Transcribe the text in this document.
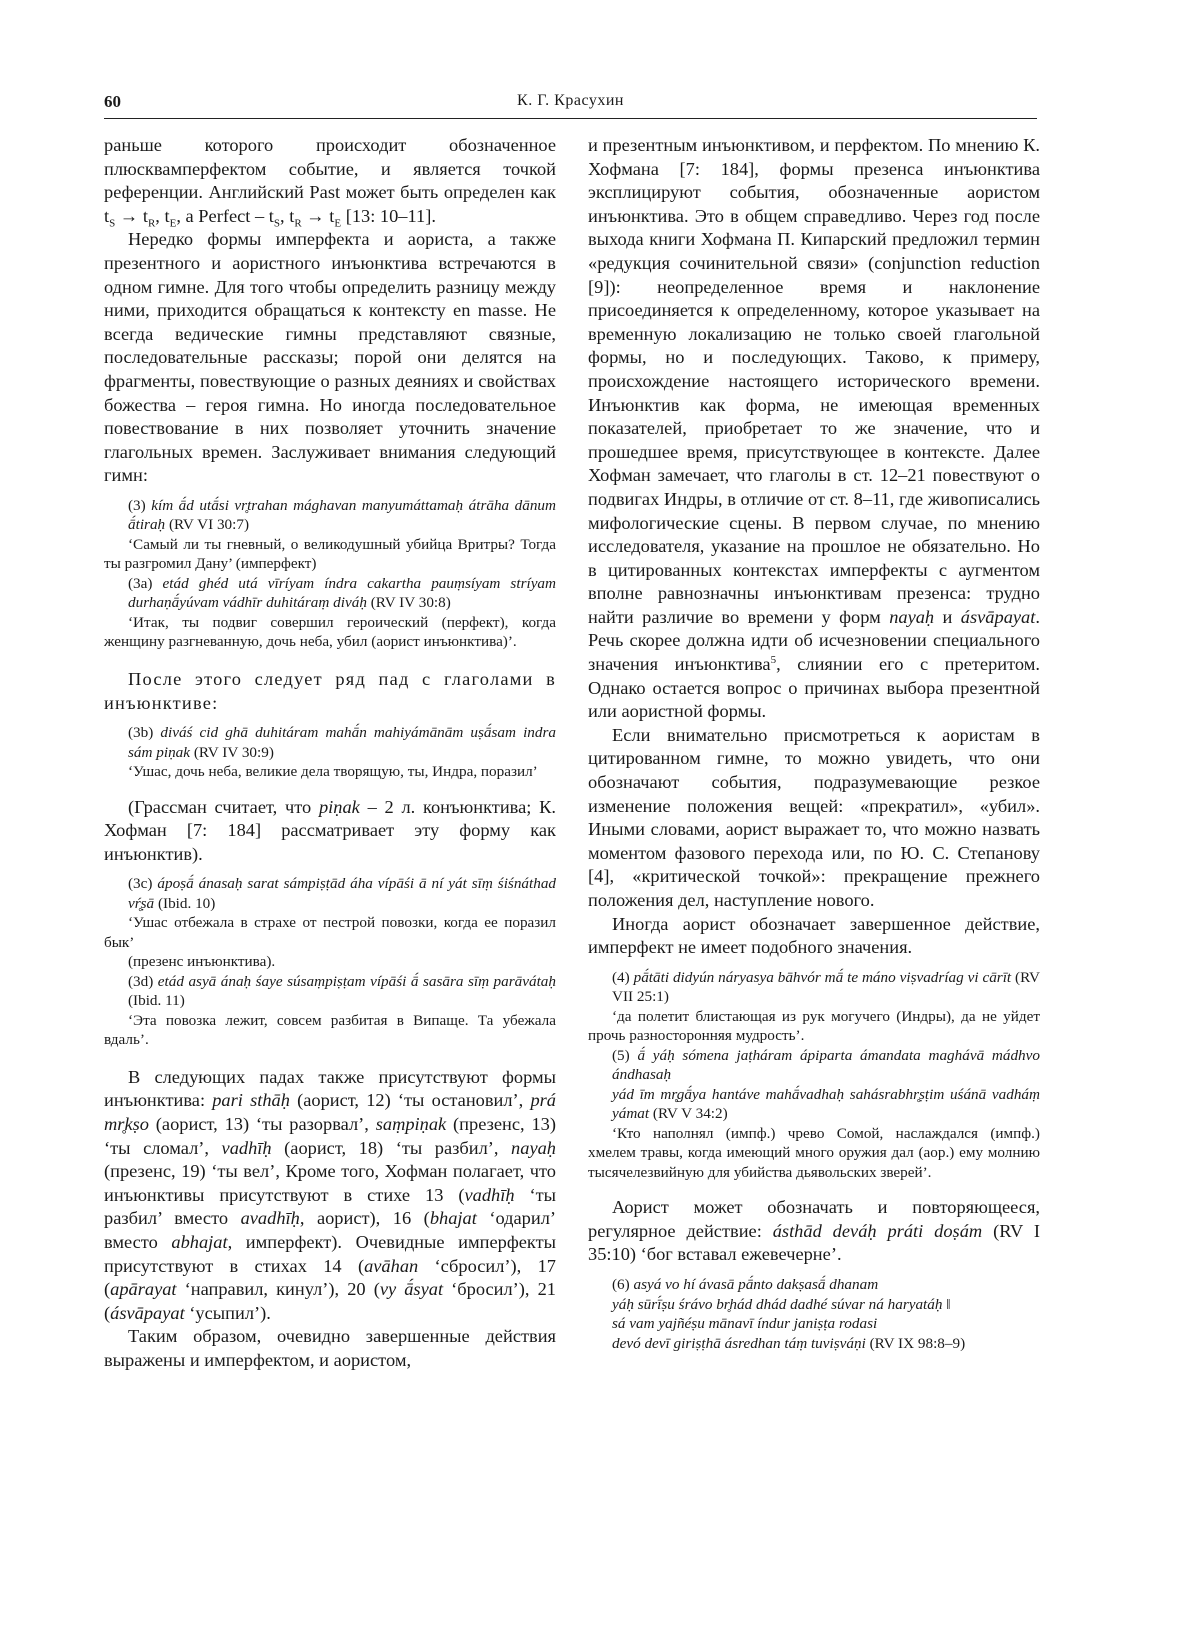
60	К. Г. Красухин

раньше которого происходит обозначенное плюсквамперфектом событие, и является точкой референции. Английский Past может быть определен как $t_S \to t_R$, $t_E$, а Perfect – $t_S$, $t_R \to t_E$ [13: 10–11].

Нередко формы имперфекта и аориста, а также презентного и аористного инъюнктива встречаются в одном гимне. Для того чтобы определить разницу между ними, приходится обращаться к контексту en masse. Не всегда ведические гимны представляют связные, последовательные рассказы; порой они делятся на фрагменты, повествующие о разных деяниях и свойствах божества – героя гимна. Но иногда последовательное повествование в них позволяет уточнить значение глагольных времен. Заслуживает внимания следующий гимн:

(3) kím ā́d utā́si vr̥trahan mághavan manyumáttamaḥ átrāha dānum ā́tiraḥ (RV VI 30:7)
‘Самый ли ты гневный, о великодушный убийца Вритры? Тогда ты разгромил Дану’ (имперфект)
(3а) etád ghéd utá vīríyam índra cakartha pauṃsíyam stríyam durhaṇā́yúvam vádhīr duhitáraṃ diváḥ (RV IV 30:8)
‘Итак, ты подвиг совершил героический (перфект), когда женщину разгневанную, дочь неба, убил (аорист инъюнктива)’.

После этого следует ряд пад с глаголами в инъюнктиве:

(3b) diváś cid ghā duhitáram mahā́n mahiyámānām uṣā́sam indra sám piṇak (RV IV 30:9)
‘Ушас, дочь неба, великие дела творящую, ты, Индра, поразил’

(Грассман считает, что piṇak – 2 л. конъюнктива; К. Хофман [7: 184] рассматривает эту форму как инъюнктив).

(3c) ápoṣā́ ánasaḥ sarat sámpiṣṭād áha vípāśi ā ní yát sīṃ śiśnáthad vŕ̥ṣā (Ibid. 10)
‘Ушас отбежала в страхе от пестрой повозки, когда ее поразил бык’
(презенс инъюнктива).
(3d) etád asyā ánaḥ śaye súsaṃpiṣṭam vípāśi ā́ sasāra sīṃ parāvátaḥ (Ibid. 11)
‘Эта повозка лежит, совсем разбитая в Випаще. Та убежала вдаль’.

В следующих падах также присутствуют формы инъюнктива: pari sthāḥ (аорист, 12) ‘ты остановил’, prá mr̥kṣo (аорист, 13) ‘ты разорвал’, saṃpiṇak (презенс, 13) ‘ты сломал’, vadhīḥ (аорист, 18) ‘ты разбил’, nayaḥ (презенс, 19) ‘ты вел’, Кроме того, Хофман полагает, что инъюнктивы присутствуют в стихе 13 (vadhīḥ ‘ты разбил’ вместо avadhīḥ, аорист), 16 (bhajat ‘одарил’ вместо abhajat, имперфект). Очевидные имперфекты присутствуют в стихах 14 (avāhan ‘сбросил’), 17 (apārayat ‘направил, кинул’), 20 (vy ā́syat ‘бросил’), 21 (ásvāpayat ‘усыпил’).

Таким образом, очевидно завершенные действия выражены и имперфектом, и аористом,

и презентным инъюнктивом, и перфектом. По мнению К. Хофмана [7: 184], формы презенса инъюнктива эксплицируют события, обозначенные аористом инъюнктива. Это в общем справедливо. Через год после выхода книги Хофмана П. Кипарский предложил термин «редукция сочинительной связи» (conjunction reduction [9]): неопределенное время и наклонение присоединяется к определенному, которое указывает на временную локализацию не только своей глагольной формы, но и последующих. Таково, к примеру, происхождение настоящего исторического времени. Инъюнктив как форма, не имеющая временных показателей, приобретает то же значение, что и прошедшее время, присутствующее в контексте. Далее Хофман замечает, что глаголы в ст. 12–21 повествуют о подвигах Индры, в отличие от ст. 8–11, где живописались мифологические сцены. В первом случае, по мнению исследователя, указание на прошлое не обязательно. Но в цитированных контекстах имперфекты с аугментом вполне равнозначны инъюнктивам презенса: трудно найти различие во времени у форм nayaḥ и ásvāpayat. Речь скорее должна идти об исчезновении специального значения инъюнктива$^5$, слиянии его с претеритом. Однако остается вопрос о причинах выбора презентной или аористной формы.

Если внимательно присмотреться к аористам в цитированном гимне, то можно увидеть, что они обозначают события, подразумевающие резкое изменение положения вещей: «прекратил», «убил». Иными словами, аорист выражает то, что можно назвать моментом фазового перехода или, по Ю. С. Степанову [4], «критической точкой»: прекращение прежнего положения дел, наступление нового.

Иногда аорист обозначает завершенное действие, имперфект не имеет подобного значения.

(4) pā́tāti didyún náryasya bāhvór mā́ te máno viṣvadríag vi cārīt (RV VII 25:1)
‘да полетит блистающая из рук могучего (Индры), да не уйдет прочь разносторонняя мудрость’.
(5) ā́ yáḥ sómena jaṭháram ápiparta ámandata maghávā mádhvo ándhasaḥ
yád īm mr̥gā́ya hantáve mahā́vadhaḥ sahásrabhr̥ṣṭim uśánā vadháṃ yámat (RV V 34:2)
‘Кто наполнял (импф.) чрево Сомой, наслаждался (импф.) хмелем травы, когда имеющий много оружия дал (аор.) ему молнию тысячелезвийную для убийства дьявольских зверей’.

Аорист может обозначать и повторяющееся, регулярное действие: ásthād deváḥ práti doṣám (RV I 35:10) ‘бог вставал ежевечерне’.

(6) asyá vo hí ávasā pā́nto dakṣasā́ dhanam
yáḥ sūrī́ṣu śrávo br̥hád dhád dadhé súvar ná haryatáḥ ‖
sá vam yajñéṣu mānavī índur janiṣṭa rodasi
devó devī giriṣṭhā ásredhan táṃ tuviṣváṇi (RV IX 98:8–9)
